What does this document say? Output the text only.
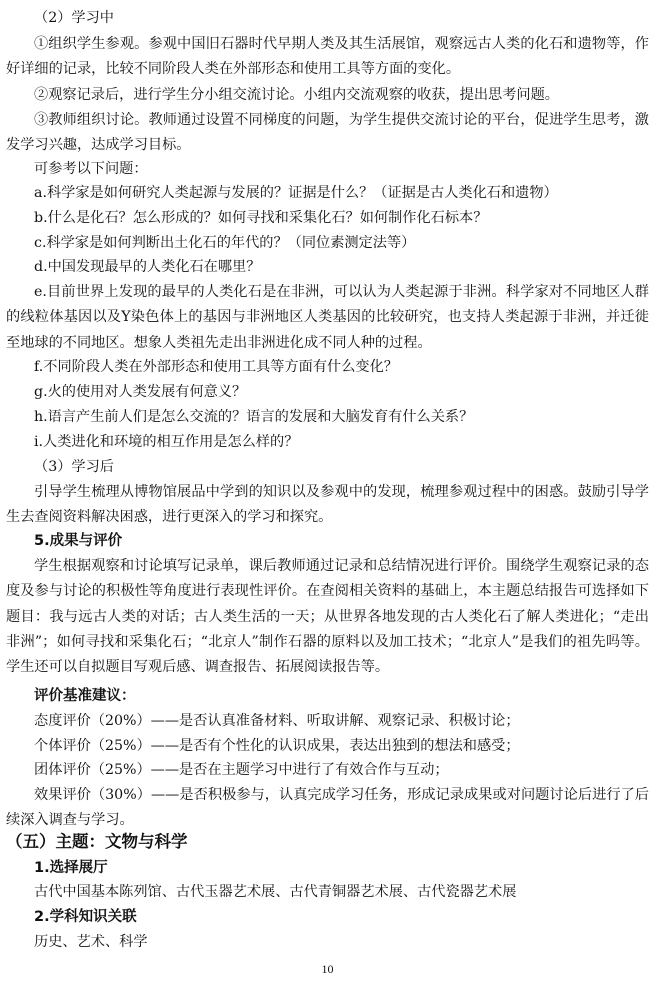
（2）学习中

①组织学生参观。参观中国旧石器时代早期人类及其生活展馆，观察远古人类的化石和遗物等，作好详细的记录，比较不同阶段人类在外部形态和使用工具等方面的变化。

②观察记录后，进行学生分小组交流讨论。小组内交流观察的收获，提出思考问题。

③教师组织讨论。教师通过设置不同梯度的问题，为学生提供交流讨论的平台，促进学生思考，激发学习兴趣，达成学习目标。

可参考以下问题：

a.科学家是如何研究人类起源与发展的？证据是什么？（证据是古人类化石和遗物）

b.什么是化石？怎么形成的？如何寻找和采集化石？如何制作化石标本？

c.科学家是如何判断出土化石的年代的？（同位素测定法等）

d.中国发现最早的人类化石在哪里？

e.目前世界上发现的最早的人类化石是在非洲，可以认为人类起源于非洲。科学家对不同地区人群的线粒体基因以及Y染色体上的基因与非洲地区人类基因的比较研究，也支持人类起源于非洲，并迁徙至地球的不同地区。想象人类祖先走出非洲进化成不同人种的过程。

f.不同阶段人类在外部形态和使用工具等方面有什么变化？

g.火的使用对人类发展有何意义？

h.语言产生前人们是怎么交流的？语言的发展和大脑发育有什么关系？

i.人类进化和环境的相互作用是怎么样的？

（3）学习后

引导学生梳理从博物馆展品中学到的知识以及参观中的发现，梳理参观过程中的困惑。鼓励引导学生去查阅资料解决困惑，进行更深入的学习和探究。

5.成果与评价

学生根据观察和讨论填写记录单，课后教师通过记录和总结情况进行评价。围绕学生观察记录的态度及参与讨论的积极性等角度进行表现性评价。在查阅相关资料的基础上，本主题总结报告可选择如下题目：我与远古人类的对话；古人类生活的一天；从世界各地发现的古人类化石了解人类进化；“走出非洲”；如何寻找和采集化石；“北京人”制作石器的原料以及加工技术；“北京人”是我们的祖先吗等。学生还可以自拟题目写观后感、调查报告、拓展阅读报告等。

评价基准建议：

态度评价（20%）——是否认真准备材料、听取讲解、观察记录、积极讨论；

个体评价（25%）——是否有个性化的认识成果，表达出独到的想法和感受；

团体评价（25%）——是否在主题学习中进行了有效合作与互动；

效果评价（30%）——是否积极参与，认真完成学习任务，形成记录成果或对问题讨论后进行了后续深入调查与学习。

（五）主题：文物与科学

1.选择展厅

古代中国基本陈列馆、古代玉器艺术展、古代青铜器艺术展、古代瓷器艺术展

2.学科知识关联

历史、艺术、科学

10
